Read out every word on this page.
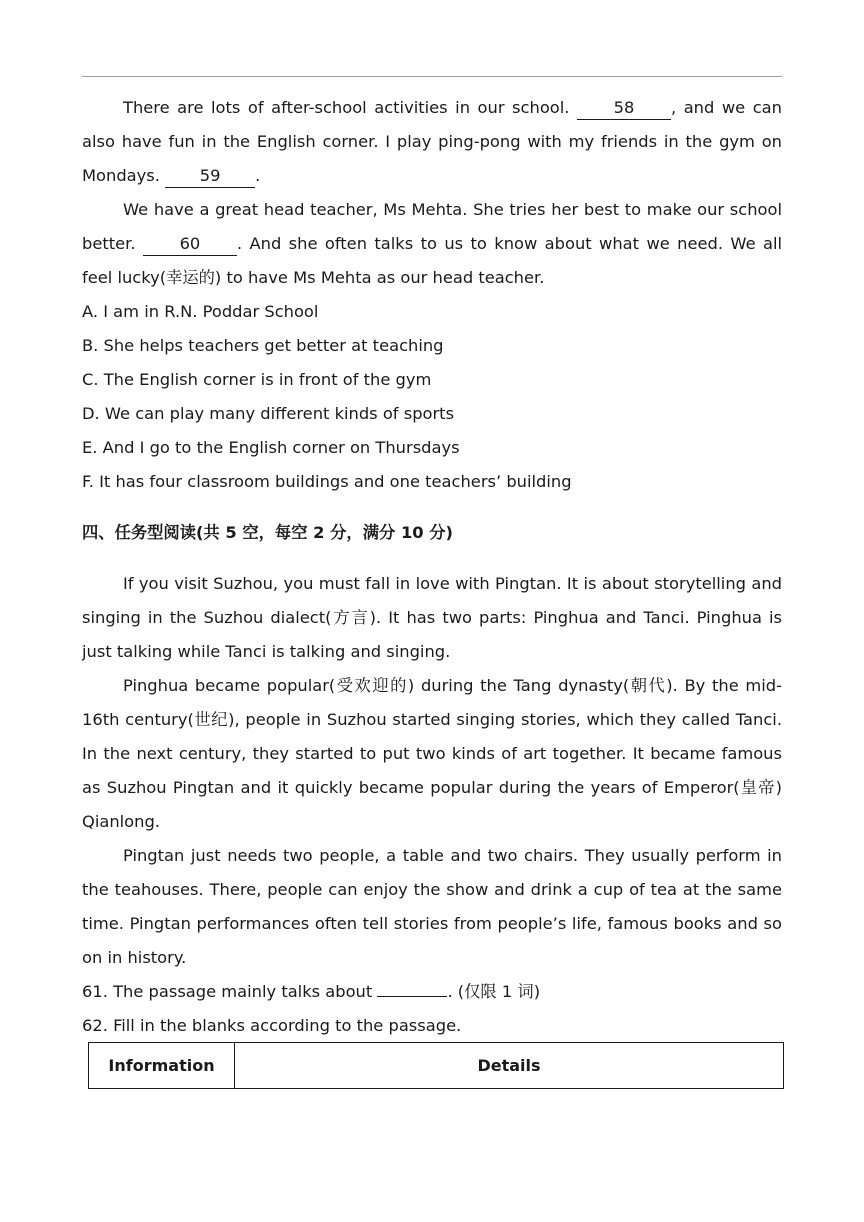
There are lots of after-school activities in our school.	58 , and we can also have fun in the English corner. I play ping-pong with my friends in the gym on Mondays. 59 .

We have a great head teacher, Ms Mehta. She tries her best to make our school better.	60 . And she often talks to us to know about what we need. We all feel lucky(幸运的) to have Ms Mehta as our head teacher.

A. I am in R.N. Poddar School

B. She helps teachers get better at teaching

C. The English corner is in front of the gym

D. We can play many different kinds of sports

E. And I go to the English corner on Thursdays

F. It has four classroom buildings and one teachers’ building

四、任务型阅读(共 5 空，每空 2 分，满分 10 分)

If you visit Suzhou, you must fall in love with Pingtan. It is about storytelling and singing in the Suzhou dialect(方言). It has two parts: Pinghua and Tanci. Pinghua is just talking while Tanci is talking and singing.

Pinghua became popular(受欢迎的) during the Tang dynasty(朝代). By the mid-16th century(世纪), people in Suzhou started singing stories, which they called Tanci. In the next century, they started to put two kinds of art together. It became famous as Suzhou Pingtan and it quickly became popular during the years of Emperor(皇帝) Qianlong.

Pingtan just needs two people, a table and two chairs. They usually perform in the teahouses. There, people can enjoy the show and drink a cup of tea at the same time. Pingtan performances often tell stories from people’s life, famous books and so on in history.

61. The passage mainly talks about	. (仅限 1 词)

62. Fill in the blanks according to the passage.

Information	Details
